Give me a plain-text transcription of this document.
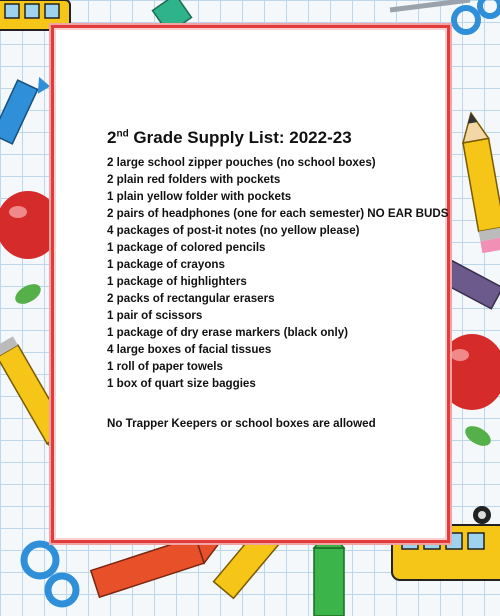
2nd Grade Supply List: 2022-23
2 large school zipper pouches (no school boxes)
2 plain red folders with pockets
1 plain yellow folder with pockets
2 pairs of headphones (one for each semester) NO EAR BUDS
4 packages of post-it notes (no yellow please)
1 package of colored pencils
1 package of crayons
1 package of highlighters
2 packs of rectangular erasers
1 pair of scissors
1 package of dry erase markers (black only)
4 large boxes of facial tissues
1 roll of paper towels
1 box of quart size baggies
No Trapper Keepers or school boxes are allowed
